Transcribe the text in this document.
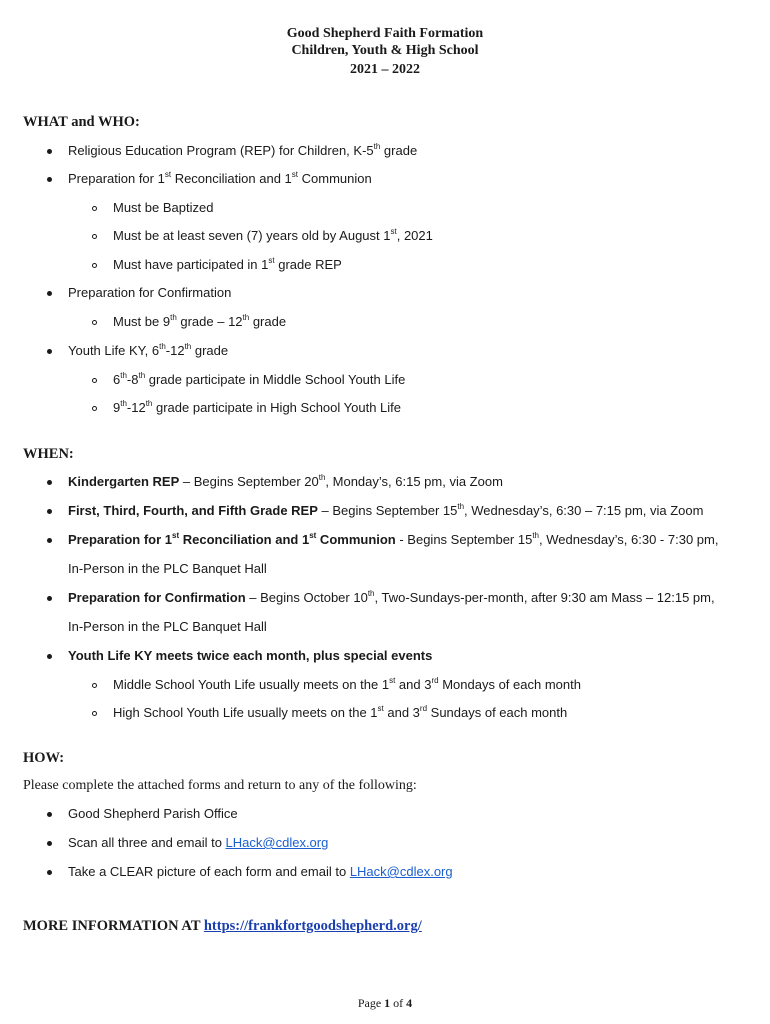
Good Shepherd Faith Formation
Children, Youth & High School
2021 – 2022
WHAT and WHO:
Religious Education Program (REP) for Children, K-5th grade
Preparation for 1st Reconciliation and 1st Communion
Must be Baptized
Must be at least seven (7) years old by August 1st, 2021
Must have participated in 1st grade REP
Preparation for Confirmation
Must be 9th grade – 12th grade
Youth Life KY, 6th-12th grade
6th-8th grade participate in Middle School Youth Life
9th-12th grade participate in High School Youth Life
WHEN:
Kindergarten REP – Begins September 20th, Monday’s, 6:15 pm, via Zoom
First, Third, Fourth, and Fifth Grade REP – Begins September 15th, Wednesday’s, 6:30 – 7:15 pm, via Zoom
Preparation for 1st Reconciliation and 1st Communion - Begins September 15th, Wednesday’s, 6:30 - 7:30 pm,
In-Person in the PLC Banquet Hall
Preparation for Confirmation – Begins October 10th, Two-Sundays-per-month, after 9:30 am Mass – 12:15 pm,
In-Person in the PLC Banquet Hall
Youth Life KY meets twice each month, plus special events
Middle School Youth Life usually meets on the 1st and 3rd Mondays of each month
High School Youth Life usually meets on the 1st and 3rd Sundays of each month
HOW:
Please complete the attached forms and return to any of the following:
Good Shepherd Parish Office
Scan all three and email to LHack@cdlex.org
Take a CLEAR picture of each form and email to LHack@cdlex.org
MORE INFORMATION AT https://frankfortgoodshepherd.org/
Page 1 of 4
